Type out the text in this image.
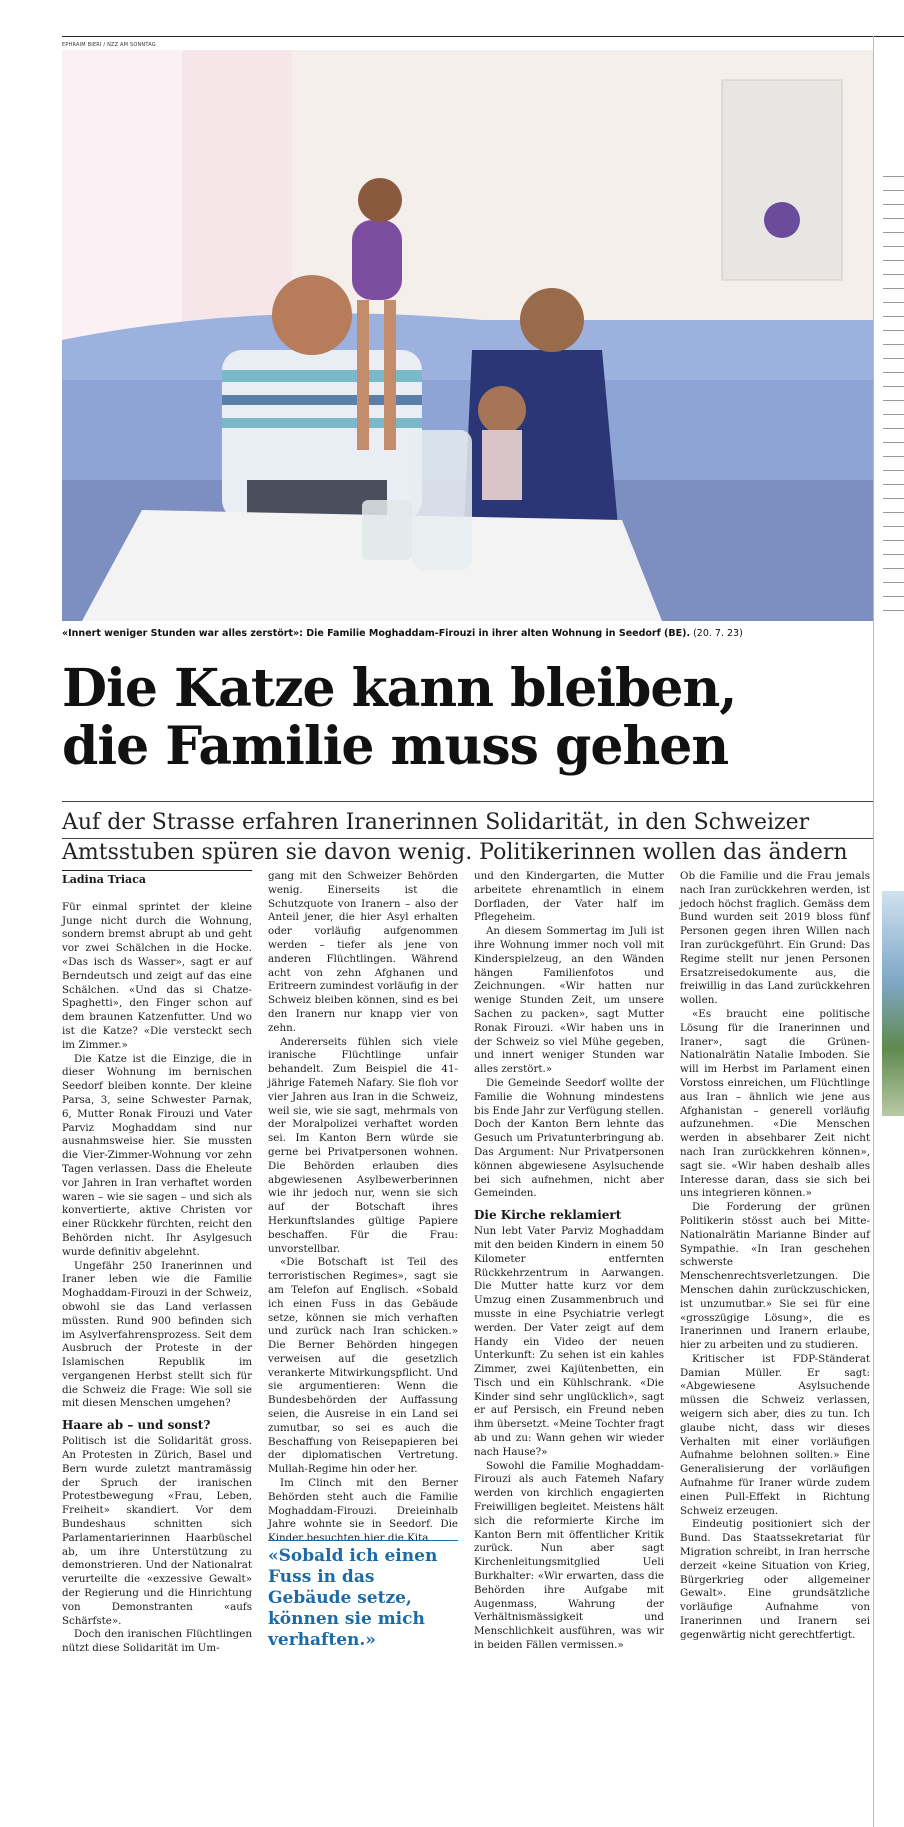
EPHRAIM BIERI / NZZ AM SONNTAG
«Innert weniger Stunden war alles zerstört»: Die Familie Moghaddam-Firouzi in ihrer alten Wohnung in Seedorf (BE). (20. 7. 23)
Die Katze kann bleiben,
die Familie muss gehen
Auf der Strasse erfahren Iranerinnen Solidarität, in den Schweizer
Amtsstuben spüren sie davon wenig. Politikerinnen wollen das ändern
Ladina Triaca

Für einmal sprintet der kleine Junge nicht durch die Wohnung, sondern bremst abrupt ab und geht vor zwei Schälchen in die Hocke. «Das isch ds Wasser», sagt er auf Berndeutsch und zeigt auf das eine Schälchen. «Und das si Chatze-Spaghetti», den Finger schon auf dem braunen Katzenfutter. Und wo ist die Katze? «Die versteckt sech im Zimmer.»

Die Katze ist die Einzige, die in dieser Wohnung im bernischen Seedorf bleiben konnte. Der kleine Parsa, 3, seine Schwester Parnak, 6, Mutter Ronak Firouzi und Vater Parviz Moghaddam sind nur ausnahmsweise hier. Sie mussten die Vier-Zimmer-Wohnung vor zehn Tagen verlassen. Dass die Eheleute vor Jahren in Iran verhaftet worden waren – wie sie sagen – und sich als konvertierte, aktive Christen vor einer Rückkehr fürchten, reicht den Behörden nicht. Ihr Asylgesuch wurde definitiv abgelehnt.

Ungefähr 250 Iranerinnen und Iraner leben wie die Familie Moghaddam-Firouzi in der Schweiz, obwohl sie das Land verlassen müssten. Rund 900 befinden sich im Asylverfahrensprozess. Seit dem Ausbruch der Proteste in der Islamischen Republik im vergangenen Herbst stellt sich für die Schweiz die Frage: Wie soll sie mit diesen Menschen umgehen?

Haare ab – und sonst?

Politisch ist die Solidarität gross. An Protesten in Zürich, Basel und Bern wurde zuletzt mantramässig der Spruch der iranischen Protestbewegung «Frau, Leben, Freiheit» skandiert. Vor dem Bundeshaus schnitten sich Parlamentarierinnen Haarbüschel ab, um ihre Unterstützung zu demonstrieren. Und der Nationalrat verurteilte die «exzessive Gewalt» der Regierung und die Hinrichtung von Demonstranten «aufs Schärfste».

Doch den iranischen Flüchtlingen nützt diese Solidarität im Um-

gang mit den Schweizer Behörden wenig. Einerseits ist die Schutzquote von Iranern – also der Anteil jener, die hier Asyl erhalten oder vorläufig aufgenommen werden – tiefer als jene von anderen Flüchtlingen. Während acht von zehn Afghanen und Eritreern zumindest vorläufig in der Schweiz bleiben können, sind es bei den Iranern nur knapp vier von zehn.

Andererseits fühlen sich viele iranische Flüchtlinge unfair behandelt. Zum Beispiel die 41-jährige Fatemeh Nafary. Sie floh vor vier Jahren aus Iran in die Schweiz, weil sie, wie sie sagt, mehrmals von der Moralpolizei verhaftet worden sei. Im Kanton Bern würde sie gerne bei Privatpersonen wohnen. Die Behörden erlauben dies abgewiesenen Asylbewerberinnen wie ihr jedoch nur, wenn sie sich auf der Botschaft ihres Herkunftslandes gültige Papiere beschaffen. Für die Frau: unvorstellbar.

«Die Botschaft ist Teil des terroristischen Regimes», sagt sie am Telefon auf Englisch. «Sobald ich einen Fuss in das Gebäude setze, können sie mich verhaften und zurück nach Iran schicken.» Die Berner Behörden hingegen verweisen auf die gesetzlich verankerte Mitwirkungspflicht. Und sie argumentieren: Wenn die Bundesbehörden der Auffassung seien, die Ausreise in ein Land sei zumutbar, so sei es auch die Beschaffung von Reisepapieren bei der diplomatischen Vertretung. Mullah-Regime hin oder her.

Im Clinch mit den Berner Behörden steht auch die Familie Moghaddam-Firouzi. Dreieinhalb Jahre wohnte sie in Seedorf. Die Kinder besuchten hier die Kita

«Sobald ich einen Fuss in das Gebäude setze, können sie mich verhaften.»

und den Kindergarten, die Mutter arbeitete ehrenamtlich in einem Dorfladen, der Vater half im Pflegeheim.

An diesem Sommertag im Juli ist ihre Wohnung immer noch voll mit Kinderspielzeug, an den Wänden hängen Familienfotos und Zeichnungen. «Wir hatten nur wenige Stunden Zeit, um unsere Sachen zu packen», sagt Mutter Ronak Firouzi. «Wir haben uns in der Schweiz so viel Mühe gegeben, und innert weniger Stunden war alles zerstört.»

Die Gemeinde Seedorf wollte der Familie die Wohnung mindestens bis Ende Jahr zur Verfügung stellen. Doch der Kanton Bern lehnte das Gesuch um Privatunterbringung ab. Das Argument: Nur Privatpersonen können abgewiesene Asylsuchende bei sich aufnehmen, nicht aber Gemeinden.

Die Kirche reklamiert

Nun lebt Vater Parviz Moghaddam mit den beiden Kindern in einem 50 Kilometer entfernten Rückkehrzentrum in Aarwangen. Die Mutter hatte kurz vor dem Umzug einen Zusammenbruch und musste in eine Psychiatrie verlegt werden. Der Vater zeigt auf dem Handy ein Video der neuen Unterkunft: Zu sehen ist ein kahles Zimmer, zwei Kajütenbetten, ein Tisch und ein Kühlschrank. «Die Kinder sind sehr unglücklich», sagt er auf Persisch, ein Freund neben ihm übersetzt. «Meine Tochter fragt ab und zu: Wann gehen wir wieder nach Hause?»

Sowohl die Familie Moghaddam-Firouzi als auch Fatemeh Nafary werden von kirchlich engagierten Freiwilligen begleitet. Meistens hält sich die reformierte Kirche im Kanton Bern mit öffentlicher Kritik zurück. Nun aber sagt Kirchenleitungsmitglied Ueli Burkhalter: «Wir erwarten, dass die Behörden ihre Aufgabe mit Augenmass, Wahrung der Verhältnismässigkeit und Menschlichkeit ausführen, was wir in beiden Fällen vermissen.»

Ob die Familie und die Frau jemals nach Iran zurückkehren werden, ist jedoch höchst fraglich. Gemäss dem Bund wurden seit 2019 bloss fünf Personen gegen ihren Willen nach Iran zurückgeführt. Ein Grund: Das Regime stellt nur jenen Personen Ersatzreisedokumente aus, die freiwillig in das Land zurückkehren wollen.

«Es braucht eine politische Lösung für die Iranerinnen und Iraner», sagt die Grünen-Nationalrätin Natalie Imboden. Sie will im Herbst im Parlament einen Vorstoss einreichen, um Flüchtlinge aus Iran – ähnlich wie jene aus Afghanistan – generell vorläufig aufzunehmen. «Die Menschen werden in absehbarer Zeit nicht nach Iran zurückkehren können», sagt sie. «Wir haben deshalb alles Interesse daran, dass sie sich bei uns integrieren können.»

Die Forderung der grünen Politikerin stösst auch bei Mitte-Nationalrätin Marianne Binder auf Sympathie. «In Iran geschehen schwerste Menschenrechtsverletzungen. Die Menschen dahin zurückzuschicken, ist unzumutbar.» Sie sei für eine «grosszügige Lösung», die es Iranerinnen und Iranern erlaube, hier zu arbeiten und zu studieren.

Kritischer ist FDP-Ständerat Damian Müller. Er sagt: «Abgewiesene Asylsuchende müssen die Schweiz verlassen, weigern sich aber, dies zu tun. Ich glaube nicht, dass wir dieses Verhalten mit einer vorläufigen Aufnahme belohnen sollten.» Eine Generalisierung der vorläufigen Aufnahme für Iraner würde zudem einen Pull-Effekt in Richtung Schweiz erzeugen.

Eindeutig positioniert sich der Bund. Das Staatssekretariat für Migration schreibt, in Iran herrsche derzeit «keine Situation von Krieg, Bürgerkrieg oder allgemeiner Gewalt». Eine grundsätzliche vorläufige Aufnahme von Iranerinnen und Iranern sei gegenwärtig nicht gerechtfertigt.
